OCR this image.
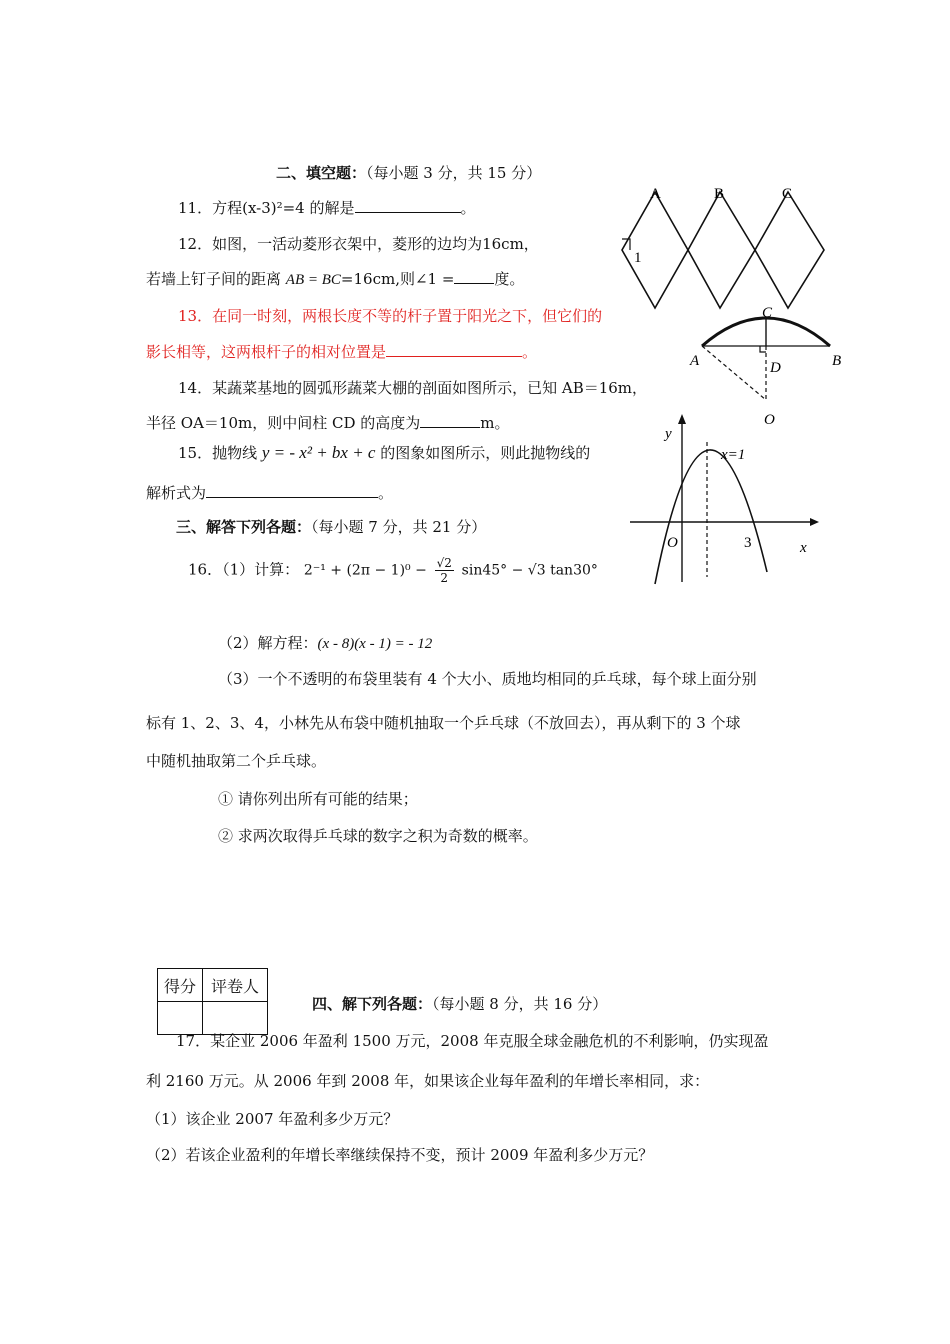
二、填空题：（每小题 3 分，共 15 分）
11．方程(x-3)²=4 的解是	。
12．如图，一活动菱形衣架中，菱形的边均为16cm，
若墙上钉子间的距离 AB = BC=16cm,则∠1 =	度。
13．在同一时刻，两根长度不等的杆子置于阳光之下，但它们的
影长相等，这两根杆子的相对位置是	。
14．某蔬菜基地的圆弧形蔬菜大棚的剖面如图所示，已知 AB＝16m，
半径 OA＝10m，则中间柱 CD 的高度为	m。
15．抛物线 y = - x² + bx + c 的图象如图所示，则此抛物线的
解析式为	。
三、解答下列各题：（每小题 7 分，共 21 分）
16．（1）计算： $2^{-1} + (2\pi - 1)^0 - \frac{√2}{2} \sin 45^\circ - √3$ tan30°
（2）解方程：(x - 8)(x - 1) = - 12
（3）一个不透明的布袋里装有 4 个大小、质地均相同的乒乓球，每个球上面分别
标有 1、2、3、4，小林先从布袋中随机抽取一个乒乓球（不放回去），再从剩下的 3 个球
中随机抽取第二个乒乓球。
① 请你列出所有可能的结果；
② 求两次取得乒乓球的数字之积为奇数的概率。
得分	评卷人

四、解下列各题：（每小题 8 分，共 16 分）
17．某企业 2006 年盈利 1500 万元，2008 年克服全球金融危机的不利影响，仍实现盈
利 2160 万元。从 2006 年到 2008 年，如果该企业每年盈利的年增长率相同，求：
（1）该企业 2007 年盈利多少万元？
（2）若该企业盈利的年增长率继续保持不变，预计 2009 年盈利多少万元？
A	B	C
1
C
A	B
D
O
y
x
O
x=1
3
